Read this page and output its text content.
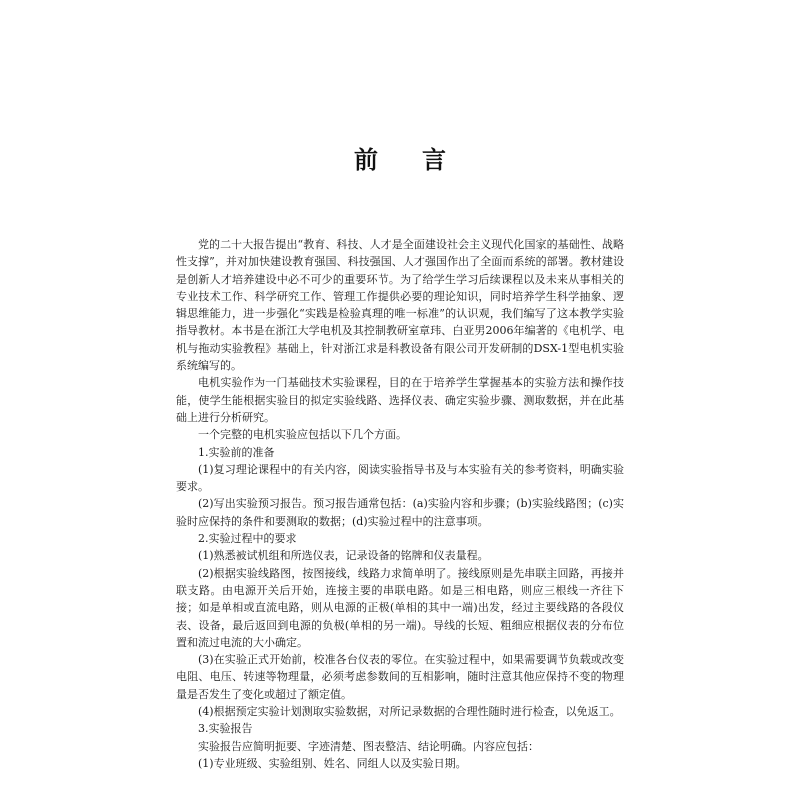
前 言

党的二十大报告提出“教育、科技、人才是全面建设社会主义现代化国家的基础性、战略性支撑”，并对加快建设教育强国、科技强国、人才强国作出了全面而系统的部署。教材建设是创新人才培养建设中必不可少的重要环节。为了给学生学习后续课程以及未来从事相关的专业技术工作、科学研究工作、管理工作提供必要的理论知识，同时培养学生科学抽象、逻辑思维能力，进一步强化“实践是检验真理的唯一标准”的认识观，我们编写了这本教学实验指导教材。本书是在浙江大学电机及其控制教研室章玮、白亚男2006年编著的《电机学、电机与拖动实验教程》基础上，针对浙江求是科教设备有限公司开发研制的DSX-1型电机实验系统编写的。

电机实验作为一门基础技术实验课程，目的在于培养学生掌握基本的实验方法和操作技能，使学生能根据实验目的拟定实验线路、选择仪表、确定实验步骤、测取数据，并在此基础上进行分析研究。

一个完整的电机实验应包括以下几个方面。

1.实验前的准备

(1)复习理论课程中的有关内容，阅读实验指导书及与本实验有关的参考资料，明确实验要求。

(2)写出实验预习报告。预习报告通常包括：(a)实验内容和步骤；(b)实验线路图；(c)实验时应保持的条件和要测取的数据；(d)实验过程中的注意事项。

2.实验过程中的要求

(1)熟悉被试机组和所选仪表，记录设备的铭牌和仪表量程。

(2)根据实验线路图，按图接线，线路力求简单明了。接线原则是先串联主回路，再接并联支路。由电源开关后开始，连接主要的串联电路。如是三相电路，则应三根线一齐往下接；如是单相或直流电路，则从电源的正极(单相的其中一端)出发，经过主要线路的各段仪表、设备，最后返回到电源的负极(单相的另一端)。导线的长短、粗细应根据仪表的分布位置和流过电流的大小确定。

(3)在实验正式开始前，校准各台仪表的零位。在实验过程中，如果需要调节负载或改变电阻、电压、转速等物理量，必须考虑参数间的互相影响，随时注意其他应保持不变的物理量是否发生了变化或超过了额定值。

(4)根据预定实验计划测取实验数据，对所记录数据的合理性随时进行检查，以免返工。

3.实验报告

实验报告应简明扼要、字迹清楚、图表整洁、结论明确。内容应包括：

(1)专业班级、实验组别、姓名、同组人以及实验日期。
